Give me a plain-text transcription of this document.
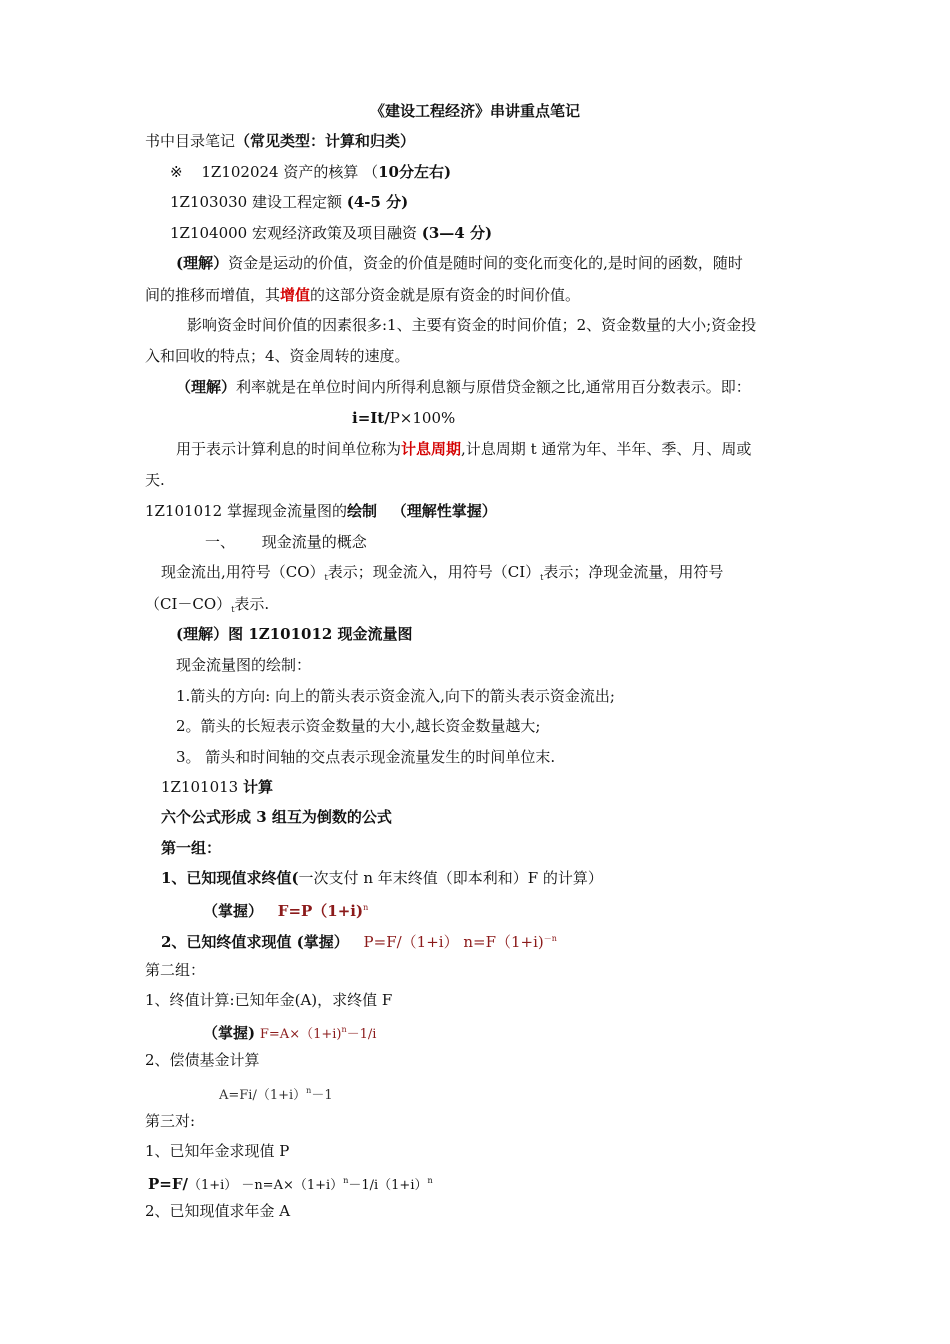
《建设工程经济》串讲重点笔记
书中目录笔记（常见类型：计算和归类）
※ 1Z102024 资产的核算 （10分左右)
1Z103030 建设工程定额 (4-5 分)
1Z104000 宏观经济政策及项目融资 (3—4 分)
(理解）资金是运动的价值，资金的价值是随时间的变化而变化的,是时间的函数，随时
间的推移而增值，其增值的这部分资金就是原有资金的时间价值。
影响资金时间价值的因素很多:1、主要有资金的时间价值；2、资金数量的大小;资金投
入和回收的特点；4、资金周转的速度。
（理解）利率就是在单位时间内所得利息额与原借贷金额之比,通常用百分数表示。即：
i=It/P×100%
用于表示计算利息的时间单位称为计息周期,计息周期 t 通常为年、半年、季、月、周或
天.
1Z101012 掌握现金流量图的绘制 （理解性掌握）
一、 现金流量的概念
现金流出,用符号$(CO)_t$表示；现金流入，用符号$(CI)_t$表示；净现金流量，用符号
$(CI-CO)_t$表示.
(理解）图 1Z101012 现金流量图
现金流量图的绘制：
1.箭头的方向: 向上的箭头表示资金流入,向下的箭头表示资金流出;
2。箭头的长短表示资金数量的大小,越长资金数量越大;
3。 箭头和时间轴的交点表示现金流量发生的时间单位末.
1Z101013 计算
六个公式形成 3 组互为倒数的公式
第一组：
1、已知现值求终值(一次支付 n 年末终值（即本利和）F 的计算）
（掌握） F=P（1+i)$^n$
2、已知终值求现值 (掌握） P=F/（1+i） n=F（1+i)$^{-n}$
第二组：
1、终值计算:已知年金(A)，求终值 F
（掌握) F=A×（1+i)$^n$－1/i
2、偿债基金计算
$A=Fi/(1+i)^n-1$
第三对:
1、已知年金求现值 P
$P=F/(1+i) -n=A\times(1+i)^n-1/i(1+i)^n$
2、已知现值求年金 A
